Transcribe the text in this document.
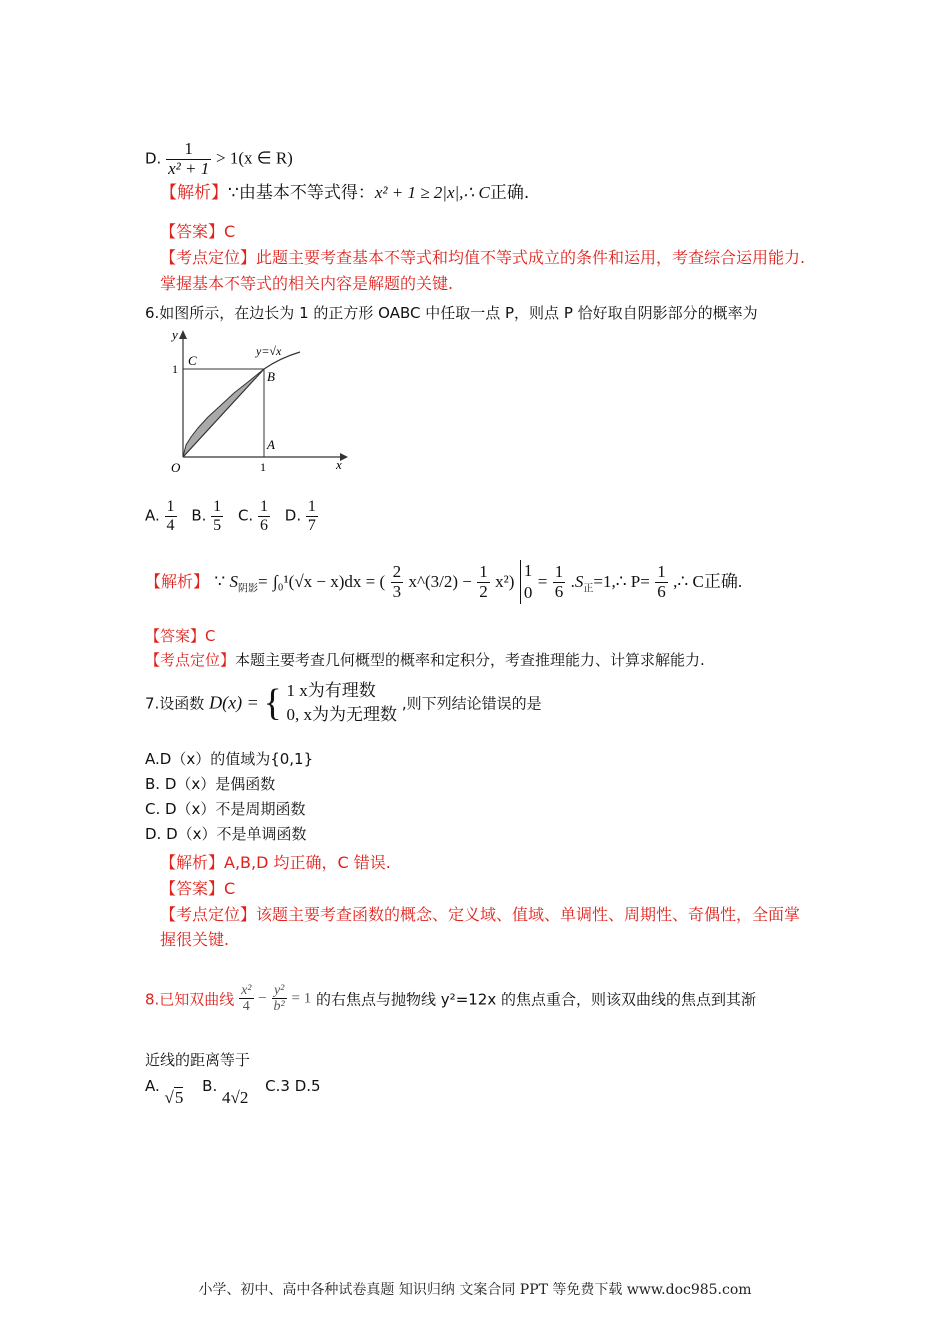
D. $\frac{1}{\text{x² + 1}} > 1(x$ ∈ R)
【解析】∵由基本不等式得：x² + 1 ≥ 2|x|,∴ C正确.
【答案】C
【考点定位】此题主要考查基本不等式和均值不等式成立的条件和运用，考查综合运用能力.
掌握基本不等式的相关内容是解题的关键.
6.如图所示，在边长为 1 的正方形 OABC 中任取一点 P，则点 P 恰好取自阴影部分的概率为
y
x
O
C
B
A
y=√x
1
1
A. $\frac{1}{4} B$. $\frac{1}{5} C$. $\frac{1}{6} D$. $\frac{1}{7}$
【解析】 ∵ $S_{阴影}= \int_0^1(√x - x)dx$ = ( $\frac{2}{3}$ x^(3/2) − $\frac{1}{2} x^2$)
1
0
= $\frac{1}{6}$ $.S_正=1,\therefore$ $P= \frac{1}{6}$ ,∴ C正确.
【答案】C
【考点定位】本题主要考查几何概型的概率和定积分，考查推理能力、计算求解能力.
7.设函数 D(x) = { 1 x为有理数
0, x为为无理数
,则下列结论错误的是
A.D（x）的值域为{0,1}
B. D（x）是偶函数
C. D（x）不是周期函数
D. D（x）不是单调函数
【解析】A,B,D 均正确，C 错误.
【答案】C
【考点定位】该题主要考查函数的概念、定义域、值域、单调性、周期性、奇偶性，全面掌
握很关键.
8.已知双曲线 $\frac{\text{x²}}{4} - \frac{\text{y²}}{\text{b²}} = 1$ 的右焦点与抛物线 y²=12x 的焦点重合，则该双曲线的焦点到其渐
近线的距离等于
A. √5 B. 4√2 C.3 D.5
小学、初中、高中各种试卷真题 知识归纳 文案合同 PPT 等免费下载 www.doc985.com
